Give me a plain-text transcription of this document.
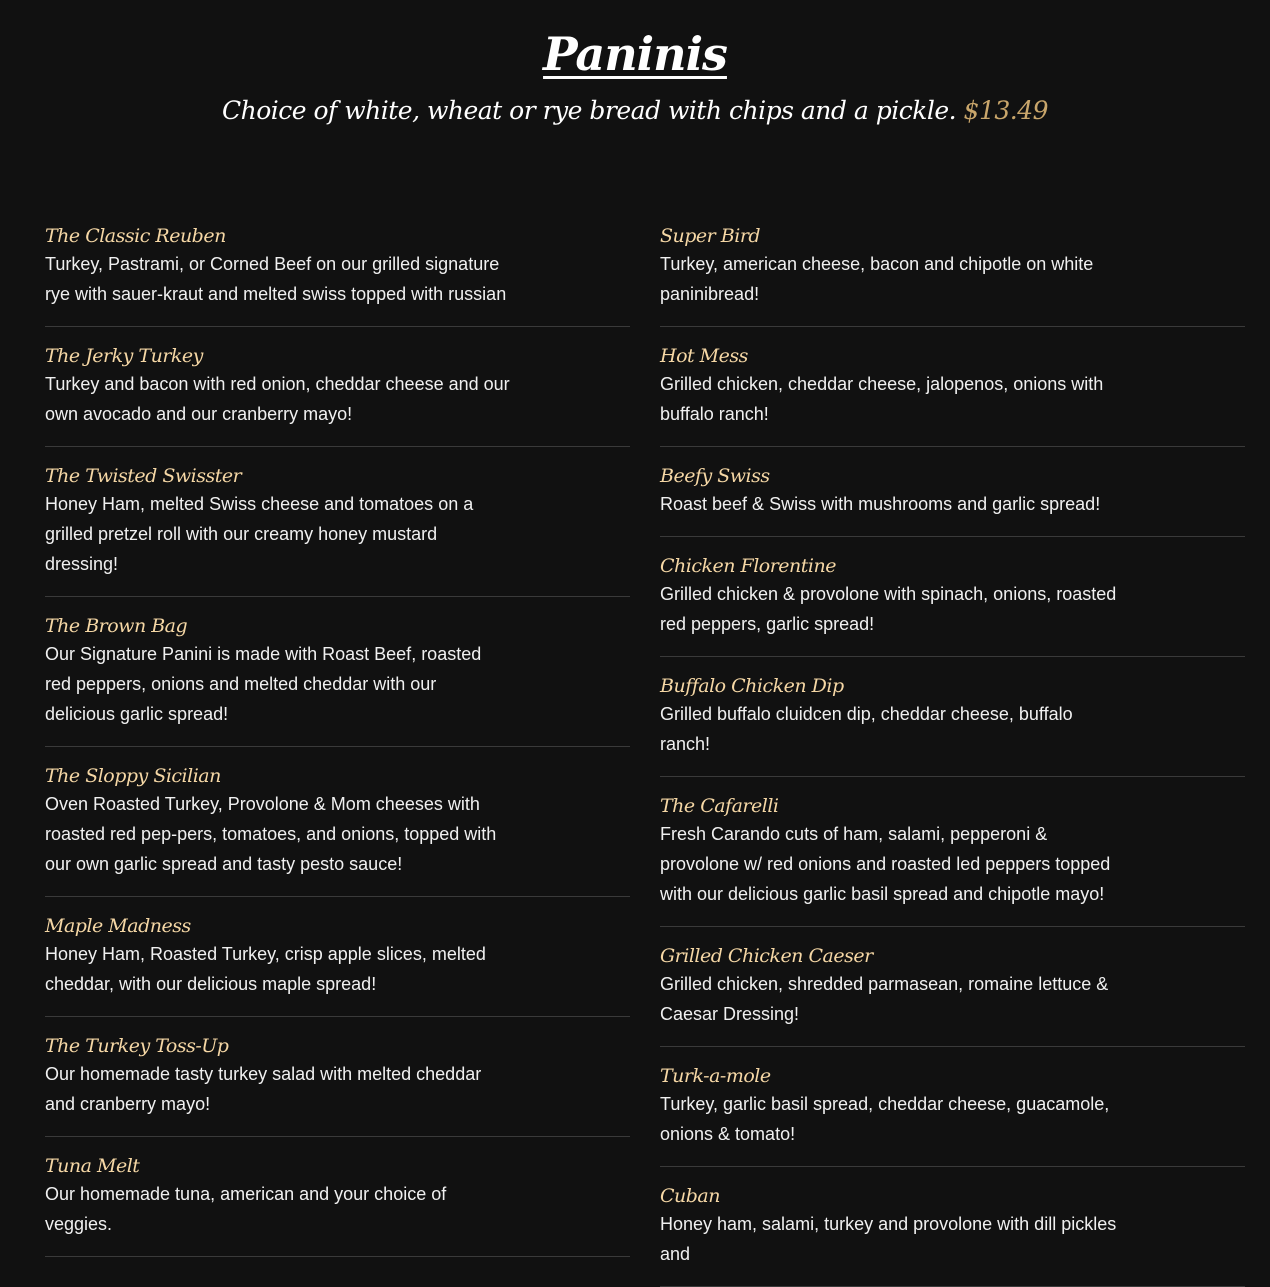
Paninis
Choice of white, wheat or rye bread with chips and a pickle. $13.49

The Classic Reuben

Turkey, Pastrami, or Corned Beef on our grilled signature rye with sauer-kraut and melted swiss topped with russian

The Jerky Turkey

Turkey and bacon with red onion, cheddar cheese and our own avocado and our cranberry mayo!

The Twisted Swisster

Honey Ham, melted Swiss cheese and tomatoes on a grilled pretzel roll with our creamy honey mustard dressing!

The Brown Bag

Our Signature Panini is made with Roast Beef, roasted red peppers, onions and melted cheddar with our delicious garlic spread!

The Sloppy Sicilian

Oven Roasted Turkey, Provolone & Mom cheeses with roasted red pep-pers, tomatoes, and onions, topped with our own garlic spread and tasty pesto sauce!

Maple Madness

Honey Ham, Roasted Turkey, crisp apple slices, melted cheddar, with our delicious maple spread!

The Turkey Toss-Up

Our homemade tasty turkey salad with melted cheddar and cranberry mayo!

Tuna Melt

Our homemade tuna, american and your choice of veggies.

Super Bird

Turkey, american cheese, bacon and chipotle on white paninibread!

Hot Mess

Grilled chicken, cheddar cheese, jalopenos, onions with buffalo ranch!

Beefy Swiss

Roast beef & Swiss with mushrooms and garlic spread!

Chicken Florentine

Grilled chicken & provolone with spinach, onions, roasted red peppers, garlic spread!

Buffalo Chicken Dip

Grilled buffalo cluidcen dip, cheddar cheese, buffalo ranch!

The Cafarelli

Fresh Carando cuts of ham, salami, pepperoni & provolone w/ red onions and roasted led peppers topped with our delicious garlic basil spread and chipotle mayo!

Grilled Chicken Caeser

Grilled chicken, shredded parmasean, romaine lettuce & Caesar Dressing!

Turk-a-mole

Turkey, garlic basil spread, cheddar cheese, guacamole, onions & tomato!

Cuban

Honey ham, salami, turkey and provolone with dill pickles and
